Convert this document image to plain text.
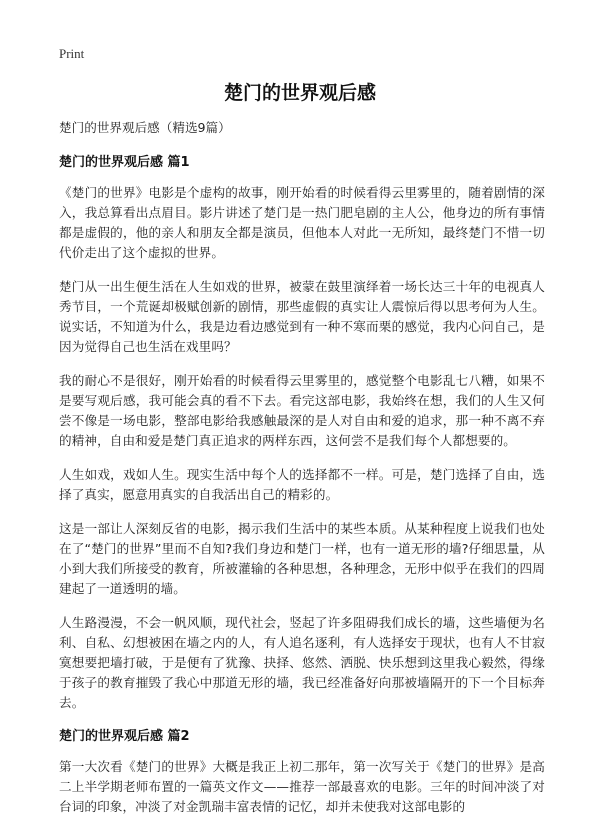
Print
楚门的世界观后感

楚门的世界观后感（精选9篇）

楚门的世界观后感 篇1

《楚门的世界》电影是个虚构的故事，刚开始看的时候看得云里雾里的，随着剧情的深入，我总算看出点眉目。影片讲述了楚门是一热门肥皂剧的主人公，他身边的所有事情都是虚假的，他的亲人和朋友全都是演员，但他本人对此一无所知，最终楚门不惜一切代价走出了这个虚拟的世界。

楚门从一出生便生活在人生如戏的世界，被蒙在鼓里演绎着一场长达三十年的电视真人秀节目，一个荒诞却极赋创新的剧情，那些虚假的真实让人震惊后得以思考何为人生。说实话，不知道为什么，我是边看边感觉到有一种不寒而栗的感觉，我内心问自己，是因为觉得自己也生活在戏里吗？

我的耐心不是很好，刚开始看的时候看得云里雾里的，感觉整个电影乱七八糟，如果不是要写观后感，我可能会真的看不下去。看完这部电影，我始终在想，我们的人生又何尝不像是一场电影，整部电影给我感触最深的是人对自由和爱的追求，那一种不离不弃的精神，自由和爱是楚门真正追求的两样东西，这何尝不是我们每个人都想要的。

人生如戏，戏如人生。现实生活中每个人的选择都不一样。可是，楚门选择了自由，选择了真实，愿意用真实的自我活出自己的精彩的。

这是一部让人深刻反省的电影，揭示我们生活中的某些本质。从某种程度上说我们也处在了“楚门的世界”里而不自知?我们身边和楚门一样，也有一道无形的墙?仔细思量，从小到大我们所接受的教育，所被灌输的各种思想，各种理念，无形中似乎在我们的四周建起了一道透明的墙。

人生路漫漫，不会一帆风顺，现代社会，竖起了许多阻碍我们成长的墙，这些墙便为名利、自私、幻想被困在墙之内的人，有人追名逐利，有人选择安于现状，也有人不甘寂寞想要把墙打破，于是便有了犹豫、抉择、悠然、洒脱、快乐想到这里我心毅然，得缘于孩子的教育摧毁了我心中那道无形的墙，我已经准备好向那被墙隔开的下一个目标奔去。

楚门的世界观后感 篇2

第一大次看《楚门的世界》大概是我正上初二那年，第一次写关于《楚门的世界》是高二上半学期老师布置的一篇英文作文——推荐一部最喜欢的电影。三年的时间冲淡了对台词的印象，冲淡了对金凯瑞丰富表情的记忆，却并未使我对这部电影的
